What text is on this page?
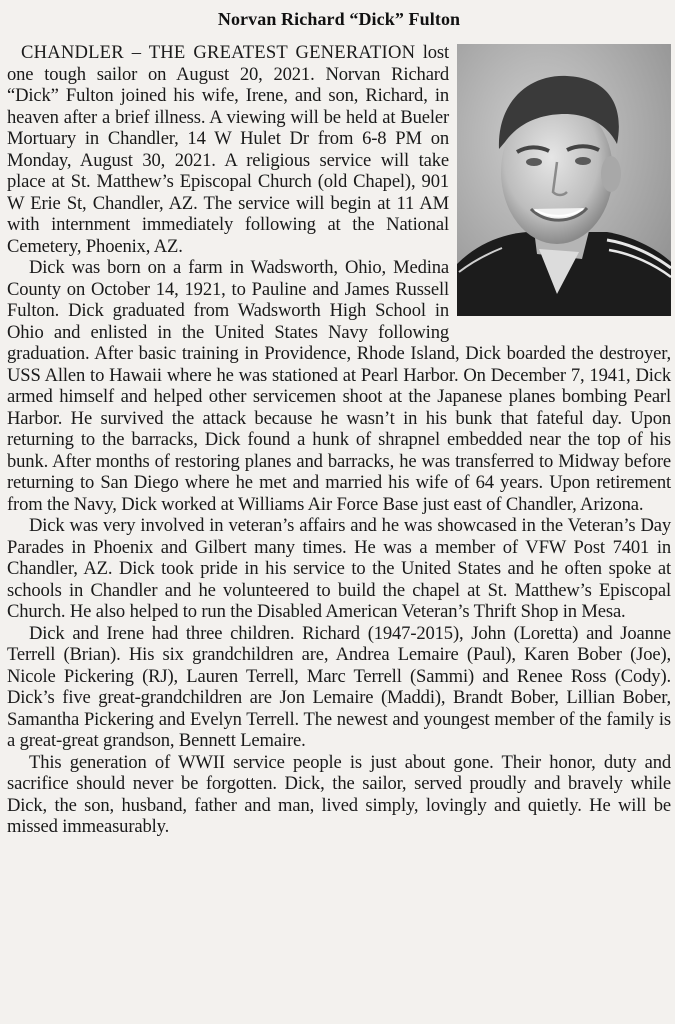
Norvan Richard “Dick” Fulton

CHANDLER – THE GREATEST GENERATION lost one tough sailor on August 20, 2021. Norvan Richard “Dick” Fulton joined his wife, Irene, and son, Richard, in heaven after a brief illness. A viewing will be held at Bueler Mortuary in Chandler, 14 W Hulet Dr from 6-8 PM on Monday, August 30, 2021. A religious service will take place at St. Matthew’s Episcopal Church (old Chapel), 901 W Erie St, Chandler, AZ. The service will begin at 11 AM with internment immediately following at the National Cemetery, Phoenix, AZ.

Dick was born on a farm in Wadsworth, Ohio, Medina County on October 14, 1921, to Pauline and James Russell Fulton. Dick graduated from Wadsworth High School in Ohio and enlisted in the United States Navy following graduation. After basic training in Providence, Rhode Island, Dick boarded the destroyer, USS Allen to Hawaii where he was stationed at Pearl Harbor. On December 7, 1941, Dick armed himself and helped other servicemen shoot at the Japanese planes bombing Pearl Harbor. He survived the attack because he wasn’t in his bunk that fateful day. Upon returning to the barracks, Dick found a hunk of shrapnel embedded near the top of his bunk. After months of restoring planes and barracks, he was transferred to Midway before returning to San Diego where he met and married his wife of 64 years. Upon retirement from the Navy, Dick worked at Williams Air Force Base just east of Chandler, Arizona.

Dick was very involved in veteran’s affairs and he was showcased in the Veteran’s Day Parades in Phoenix and Gilbert many times. He was a member of VFW Post 7401 in Chandler, AZ. Dick took pride in his service to the United States and he often spoke at schools in Chandler and he volunteered to build the chapel at St. Matthew’s Episcopal Church. He also helped to run the Disabled American Veteran’s Thrift Shop in Mesa.

Dick and Irene had three children. Richard (1947-2015), John (Loretta) and Joanne Terrell (Brian). His six grandchildren are, Andrea Lemaire (Paul), Karen Bober (Joe), Nicole Pickering (RJ), Lauren Terrell, Marc Terrell (Sammi) and Renee Ross (Cody). Dick’s five great-grandchildren are Jon Lemaire (Maddi), Brandt Bober, Lillian Bober, Samantha Pickering and Evelyn Terrell. The newest and youngest member of the family is a great-great grandson, Bennett Lemaire.

This generation of WWII service people is just about gone. Their honor, duty and sacrifice should never be forgotten. Dick, the sailor, served proudly and bravely while Dick, the son, husband, father and man, lived simply, lovingly and quietly. He will be missed immeasurably.
